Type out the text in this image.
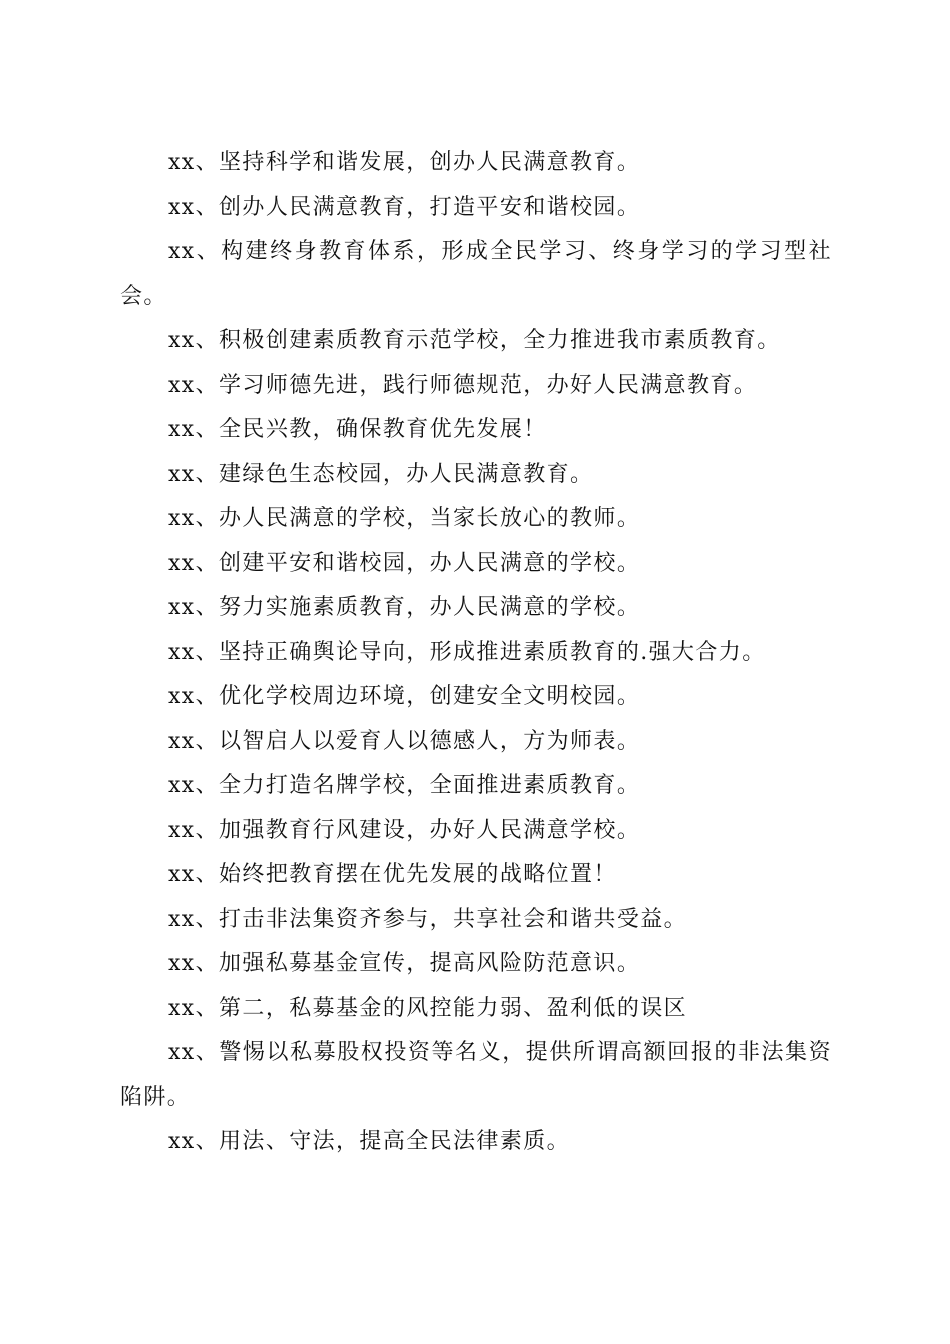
xx、坚持科学和谐发展，创办人民满意教育。

xx、创办人民满意教育，打造平安和谐校园。

xx、构建终身教育体系，形成全民学习、终身学习的学习型社会。

xx、积极创建素质教育示范学校，全力推进我市素质教育。

xx、学习师德先进，践行师德规范，办好人民满意教育。

xx、全民兴教，确保教育优先发展！

xx、建绿色生态校园，办人民满意教育。

xx、办人民满意的学校，当家长放心的教师。

xx、创建平安和谐校园，办人民满意的学校。

xx、努力实施素质教育，办人民满意的学校。

xx、坚持正确舆论导向，形成推进素质教育的.强大合力。

xx、优化学校周边环境，创建安全文明校园。

xx、以智启人以爱育人以德感人，方为师表。

xx、全力打造名牌学校，全面推进素质教育。

xx、加强教育行风建设，办好人民满意学校。

xx、始终把教育摆在优先发展的战略位置！

xx、打击非法集资齐参与，共享社会和谐共受益。

xx、加强私募基金宣传，提高风险防范意识。

xx、第二，私募基金的风控能力弱、盈利低的误区

xx、警惕以私募股权投资等名义，提供所谓高额回报的非法集资陷阱。

xx、用法、守法，提高全民法律素质。
